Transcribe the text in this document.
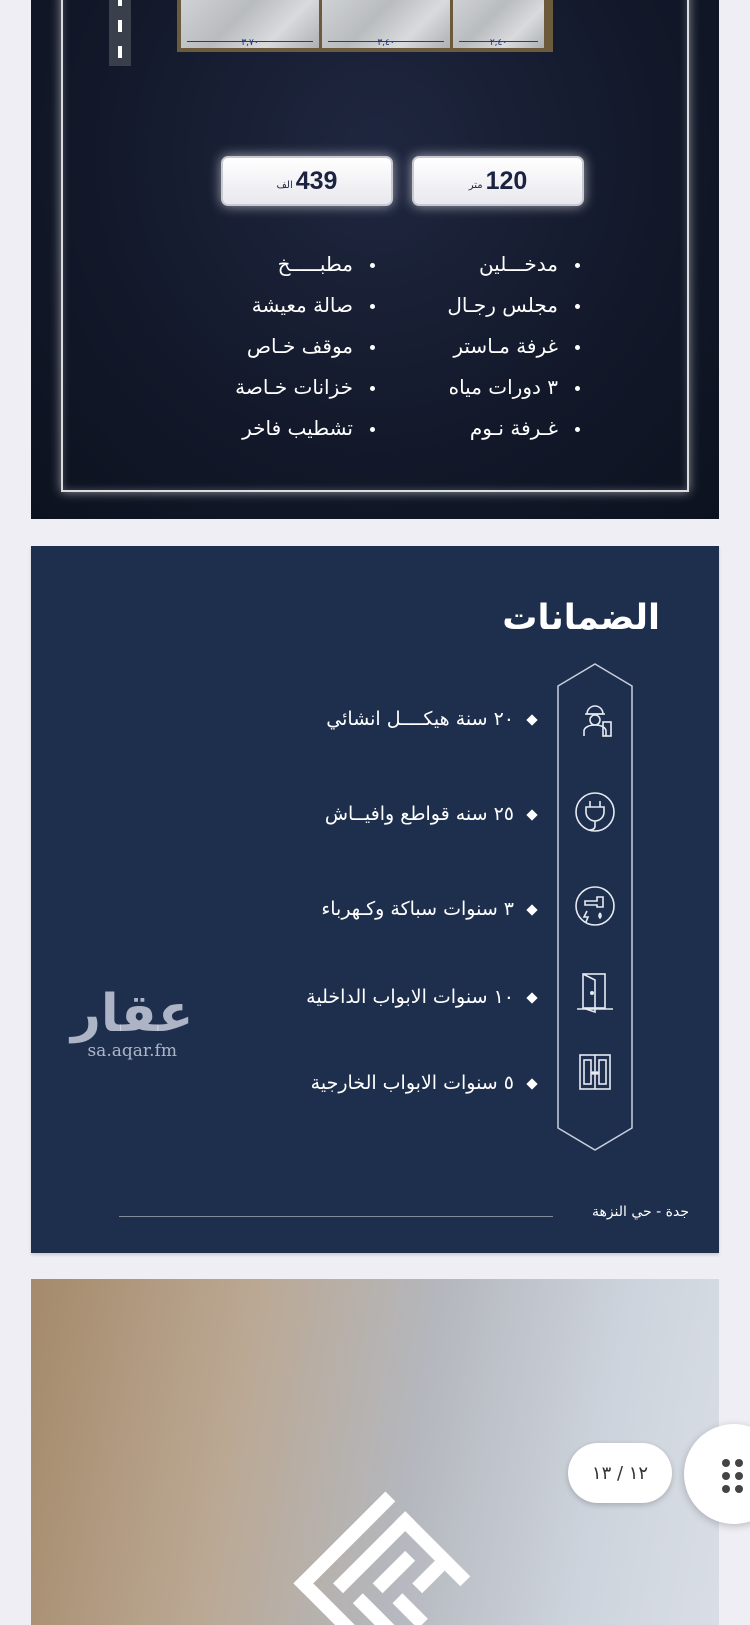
٣,٧٠	٣,٤٠	٢,٤٠
120
متر
439
الف
مدخـــلين
مجلس رجـال
غرفة مـاستر
٣ دورات مياه
غـرفة نـوم
مطبـــــخ
صالة معيشة
موقف خـاص
خزانات خـاصة
تشطيب فاخر
الضمانات
٢٠ سنة هيكــــل انشائي
٢٥ سنه قواطع وافيــاش
٣ سنوات سباكة وكـهرباء
١٠ سنوات الابواب الداخلية
٥ سنوات الابواب الخارجية
عقار
sa.aqar.fm
جدة - حي النزهة
١٢ / ١٣
